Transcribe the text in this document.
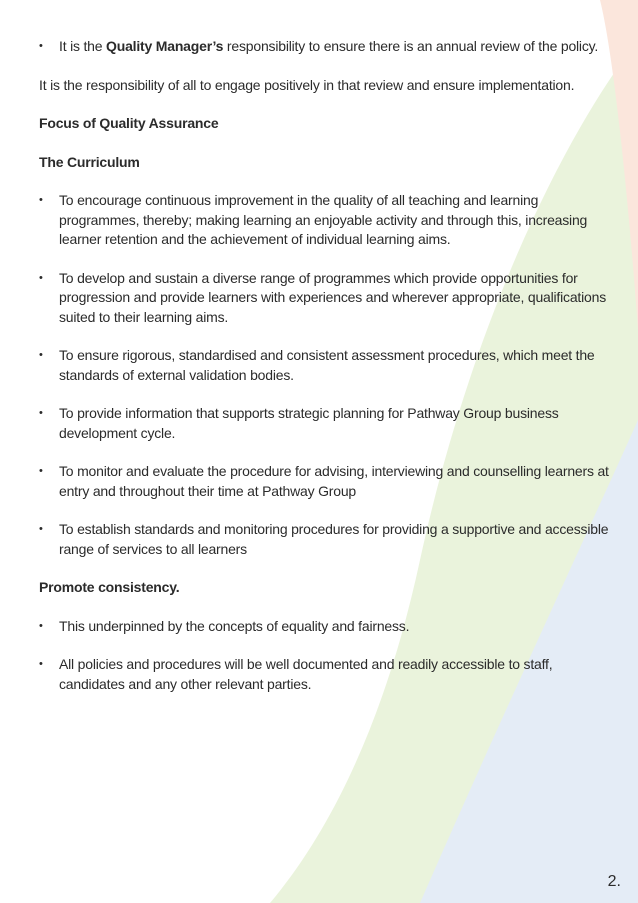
• It is the Quality Manager’s responsibility to ensure there is an annual review of the policy.

It is the responsibility of all to engage positively in that review and ensure implementation.

Focus of Quality Assurance

The Curriculum

• To encourage continuous improvement in the quality of all teaching and learning programmes, thereby; making learning an enjoyable activity and through this, increasing learner retention and the achievement of individual learning aims.
• To develop and sustain a diverse range of programmes which provide opportunities for progression and provide learners with experiences and wherever appropriate, qualifications suited to their learning aims.
• To ensure rigorous, standardised and consistent assessment procedures, which meet the standards of external validation bodies.
• To provide information that supports strategic planning for Pathway Group business development cycle.
• To monitor and evaluate the procedure for advising, interviewing and counselling learners at entry and throughout their time at Pathway Group
• To establish standards and monitoring procedures for providing a supportive and accessible range of services to all learners

Promote consistency.

• This underpinned by the concepts of equality and fairness.
• All policies and procedures will be well documented and readily accessible to staff, candidates and any other relevant parties.
2.
